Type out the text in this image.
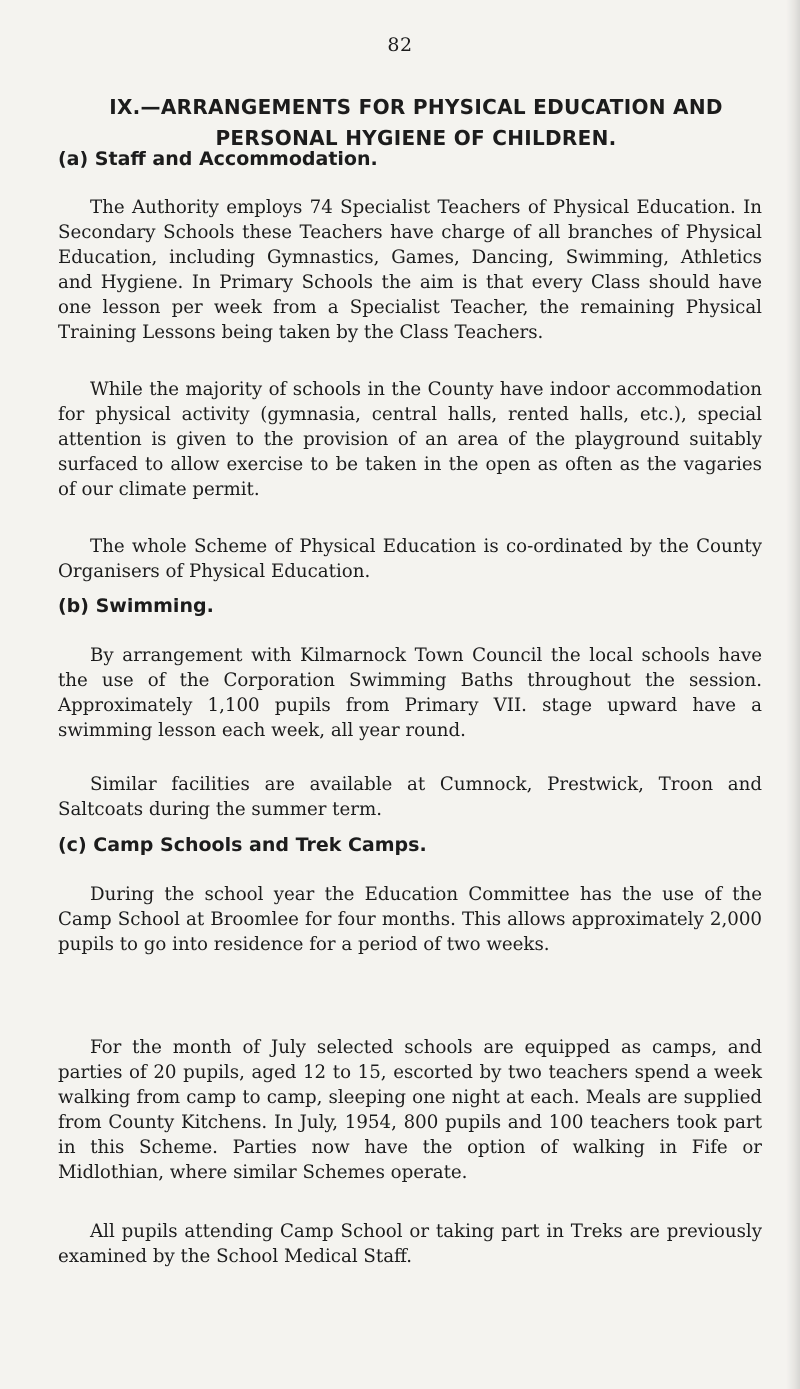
82
IX.—ARRANGEMENTS FOR PHYSICAL EDUCATION AND PERSONAL HYGIENE OF CHILDREN.
(a) Staff and Accommodation.

The Authority employs 74 Specialist Teachers of Physical Education. In Secondary Schools these Teachers have charge of all branches of Physical Education, including Gymnastics, Games, Dancing, Swimming, Athletics and Hygiene. In Primary Schools the aim is that every Class should have one lesson per week from a Specialist Teacher, the remaining Physical Training Lessons being taken by the Class Teachers.

While the majority of schools in the County have indoor accommodation for physical activity (gymnasia, central halls, rented halls, etc.), special attention is given to the provision of an area of the playground suitably surfaced to allow exercise to be taken in the open as often as the vagaries of our climate permit.

The whole Scheme of Physical Education is co-ordinated by the County Organisers of Physical Education.

(b) Swimming.

By arrangement with Kilmarnock Town Council the local schools have the use of the Corporation Swimming Baths throughout the session. Approximately 1,100 pupils from Primary VII. stage upward have a swimming lesson each week, all year round.

Similar facilities are available at Cumnock, Prestwick, Troon and Saltcoats during the summer term.

(c) Camp Schools and Trek Camps.

During the school year the Education Committee has the use of the Camp School at Broomlee for four months. This allows approximately 2,000 pupils to go into residence for a period of two weeks.

For the month of July selected schools are equipped as camps, and parties of 20 pupils, aged 12 to 15, escorted by two teachers spend a week walking from camp to camp, sleeping one night at each. Meals are supplied from County Kitchens. In July, 1954, 800 pupils and 100 teachers took part in this Scheme. Parties now have the option of walking in Fife or Midlothian, where similar Schemes operate.

All pupils attending Camp School or taking part in Treks are previously examined by the School Medical Staff.
